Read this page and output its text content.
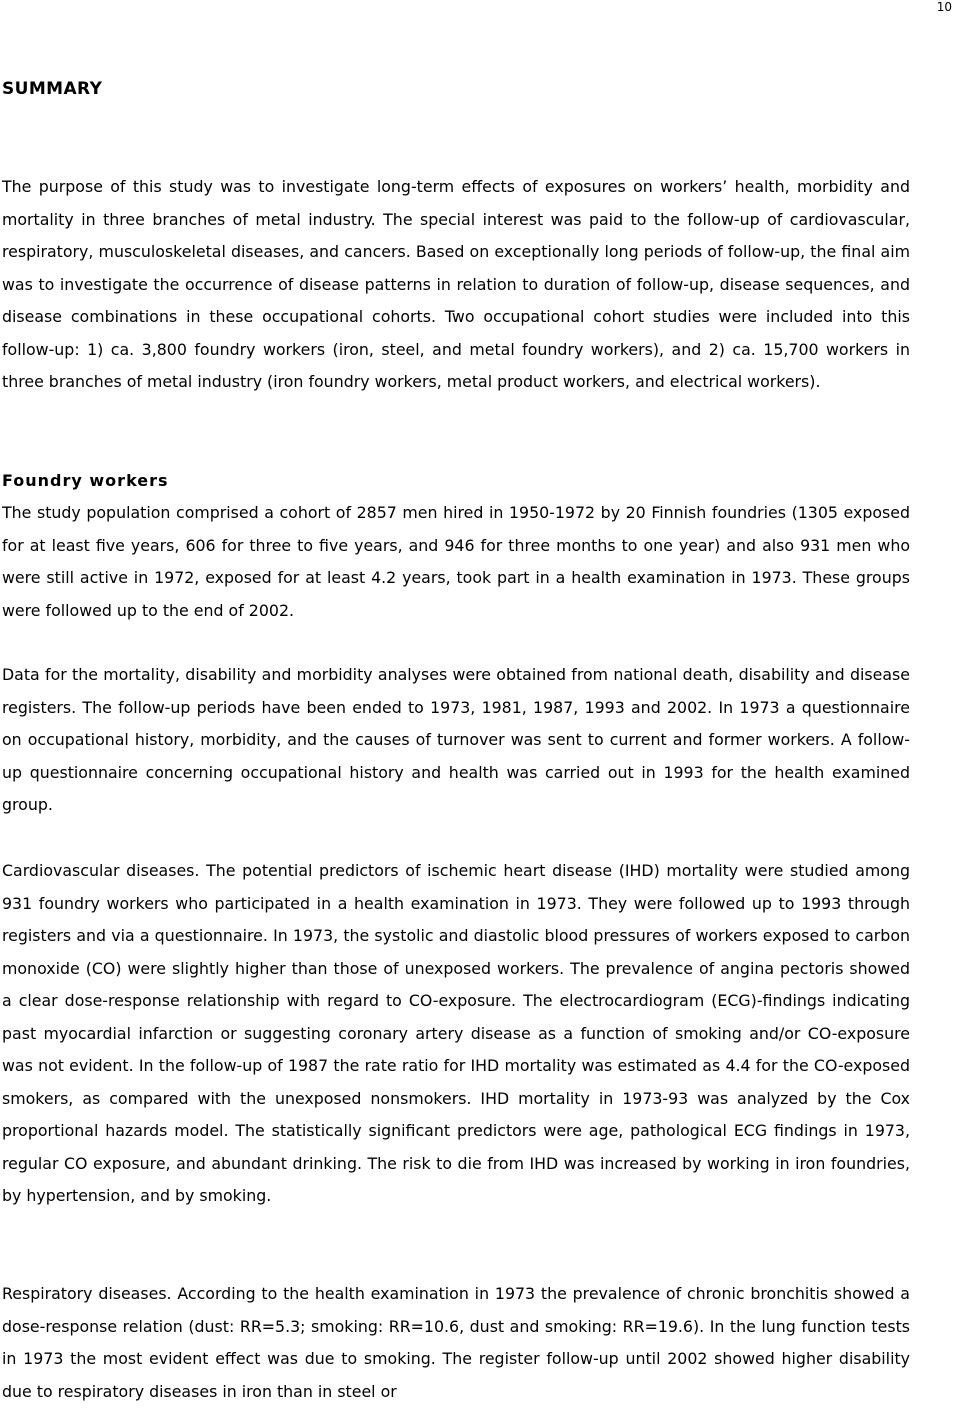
10
SUMMARY

The purpose of this study was to investigate long-term effects of exposures on workers’ health, morbidity and mortality in three branches of metal industry. The special interest was paid to the follow-up of cardiovascular, respiratory, musculoskeletal diseases, and cancers. Based on exceptionally long periods of follow-up, the final aim was to investigate the occurrence of disease patterns in relation to duration of follow-up, disease sequences, and disease combinations in these occupational cohorts. Two occupational cohort studies were included into this follow-up: 1) ca. 3,800 foundry workers (iron, steel, and metal foundry workers), and 2) ca. 15,700 workers in three branches of metal industry (iron foundry workers, metal product workers, and electrical workers).

Foundry workers

The study population comprised a cohort of 2857 men hired in 1950-1972 by 20 Finnish foundries (1305 exposed for at least five years, 606 for three to five years, and 946 for three months to one year) and also 931 men who were still active in 1972, exposed for at least 4.2 years, took part in a health examination in 1973. These groups were followed up to the end of 2002.

Data for the mortality, disability and morbidity analyses were obtained from national death, disability and disease registers. The follow-up periods have been ended to 1973, 1981, 1987, 1993 and 2002. In 1973 a questionnaire on occupational history, morbidity, and the causes of turnover was sent to current and former workers. A follow-up questionnaire concerning occupational history and health was carried out in 1993 for the health examined group.

Cardiovascular diseases. The potential predictors of ischemic heart disease (IHD) mortality were studied among 931 foundry workers who participated in a health examination in 1973. They were followed up to 1993 through registers and via a questionnaire. In 1973, the systolic and diastolic blood pressures of workers exposed to carbon monoxide (CO) were slightly higher than those of unexposed workers. The prevalence of angina pectoris showed a clear dose-response relationship with regard to CO-exposure. The electrocardiogram (ECG)-findings indicating past myocardial infarction or suggesting coronary artery disease as a function of smoking and/or CO-exposure was not evident. In the follow-up of 1987 the rate ratio for IHD mortality was estimated as 4.4 for the CO-exposed smokers, as compared with the unexposed nonsmokers. IHD mortality in 1973-93 was analyzed by the Cox proportional hazards model. The statistically significant predictors were age, pathological ECG findings in 1973, regular CO exposure, and abundant drinking. The risk to die from IHD was increased by working in iron foundries, by hypertension, and by smoking.

Respiratory diseases. According to the health examination in 1973 the prevalence of chronic bronchitis showed a dose-response relation (dust: RR=5.3; smoking: RR=10.6, dust and smoking: RR=19.6). In the lung function tests in 1973 the most evident effect was due to smoking. The register follow-up until 2002 showed higher disability due to respiratory diseases in iron than in steel or
